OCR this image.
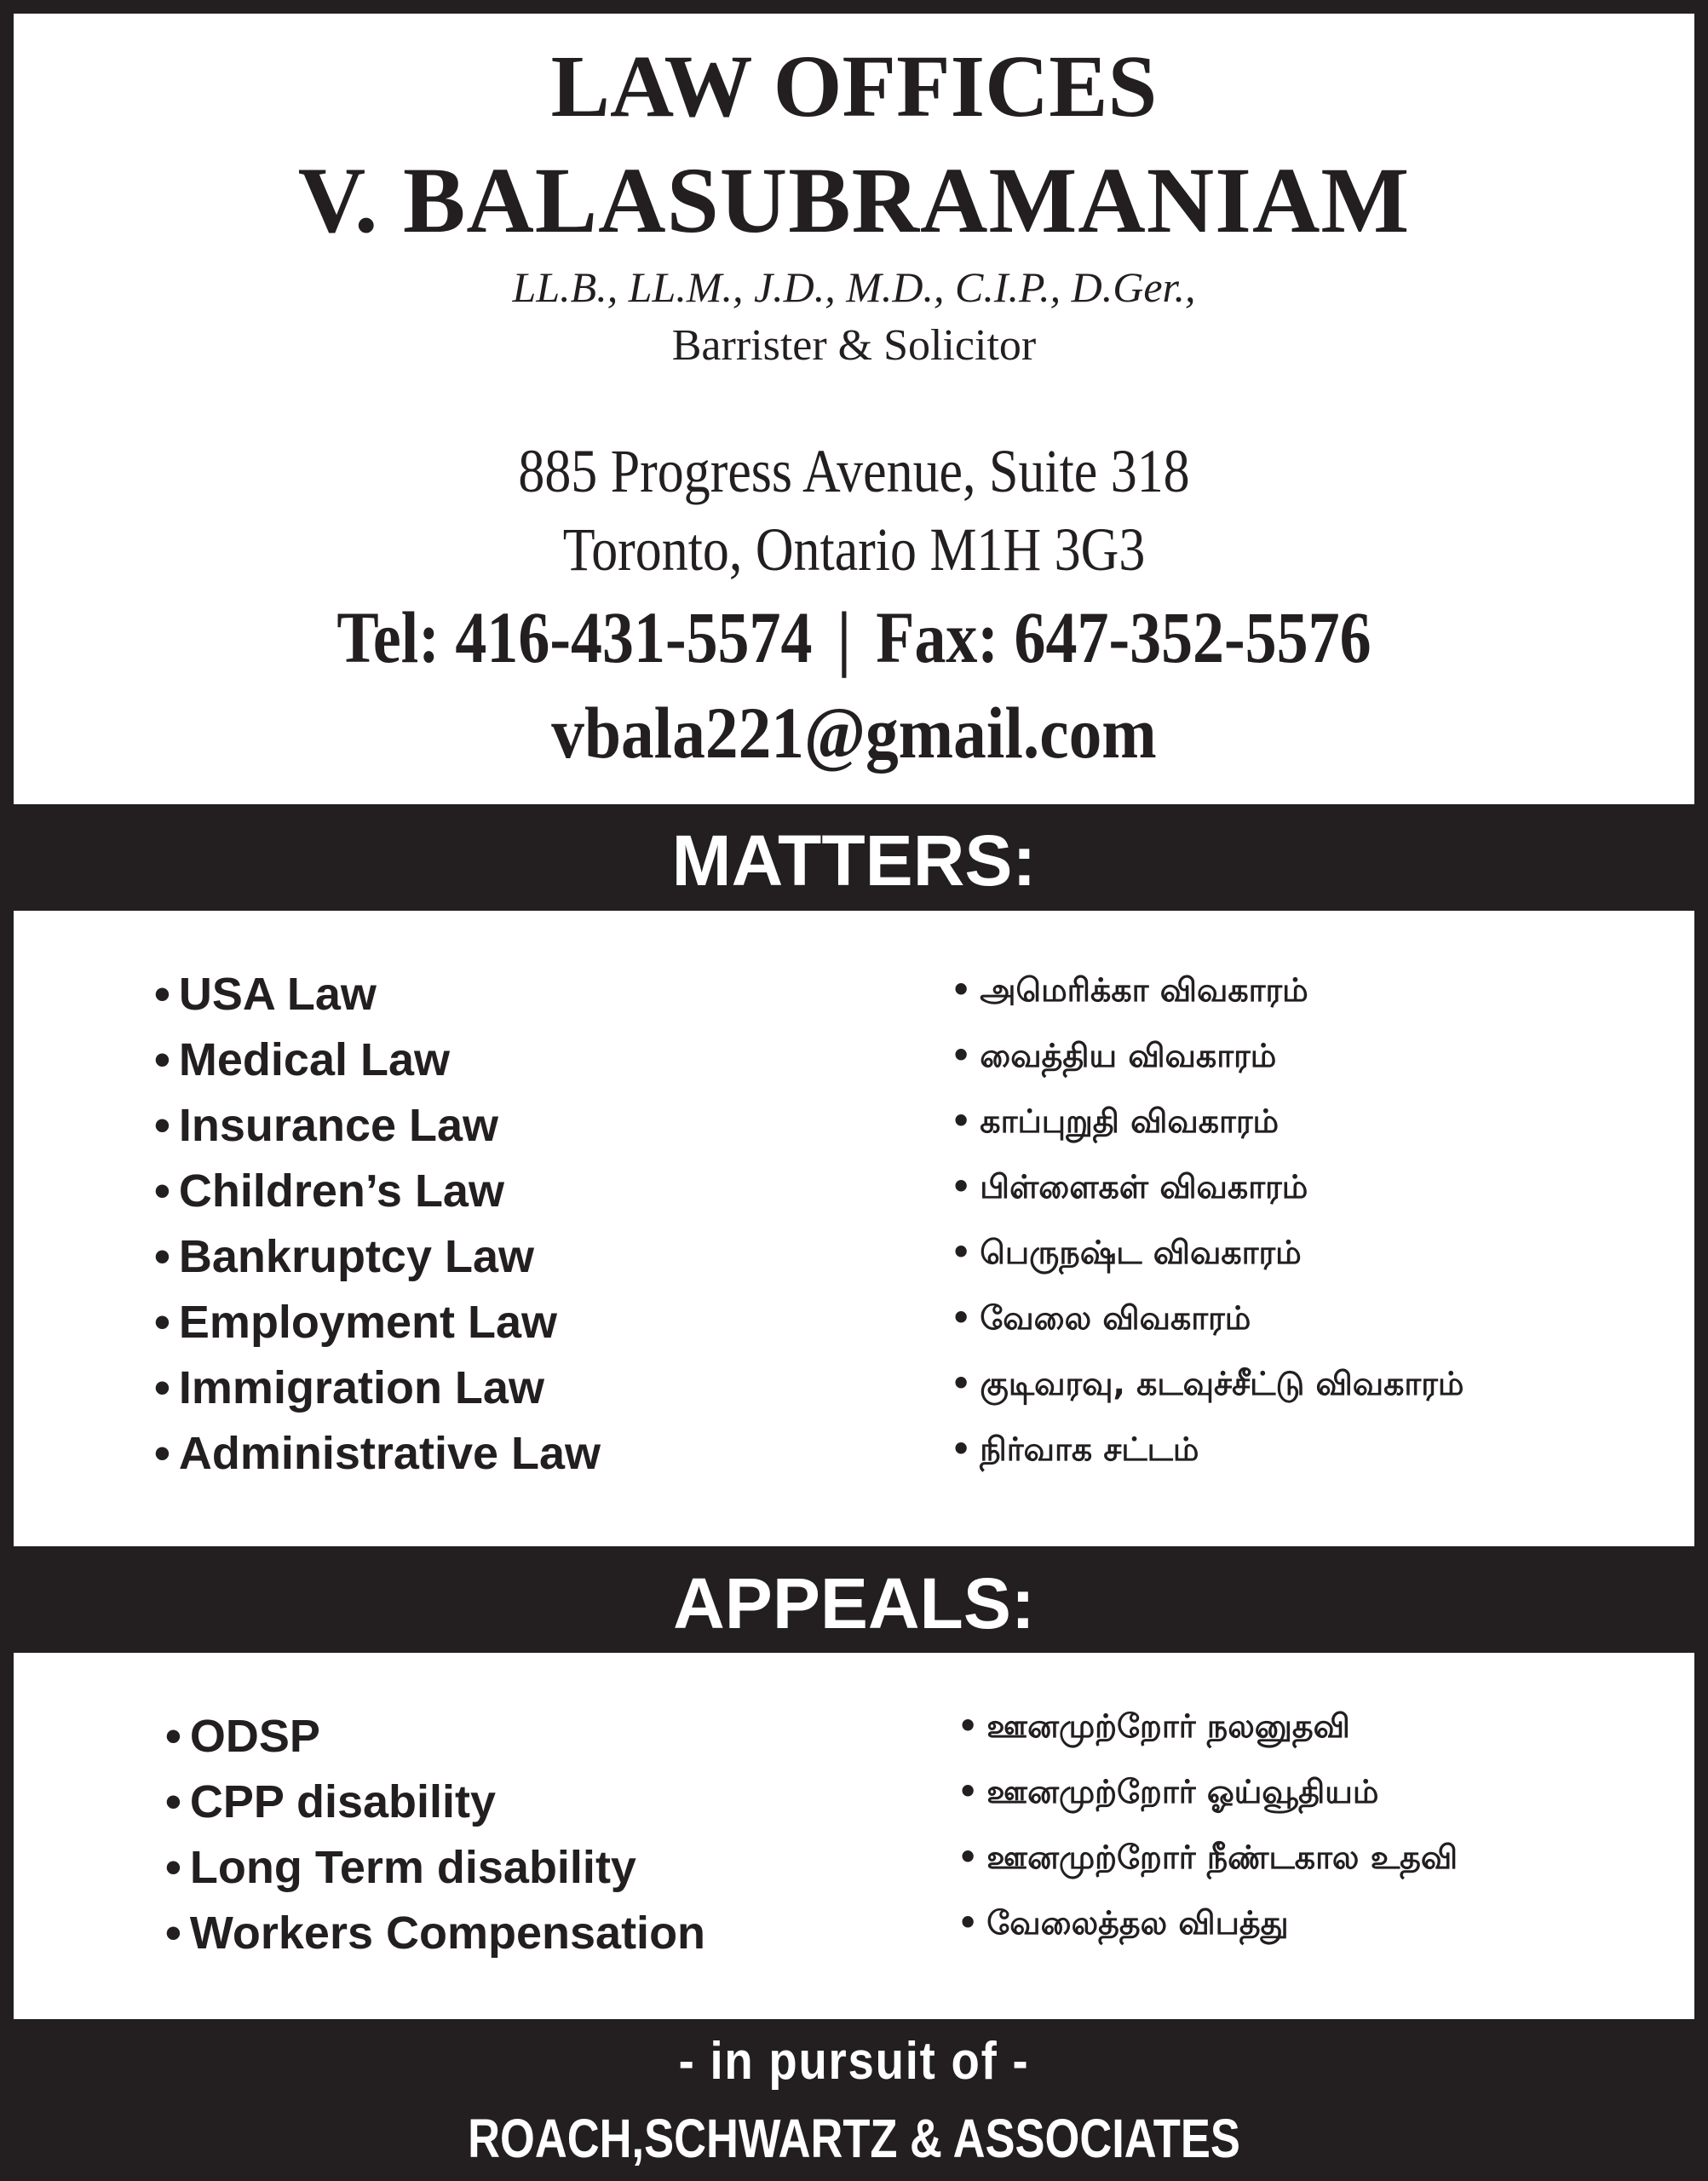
LAW OFFICES
V. BALASUBRAMANIAM
LL.B., LL.M., J.D., M.D., C.I.P., D.Ger.,
Barrister & Solicitor
885 Progress Avenue, Suite 318
Toronto, Ontario M1H 3G3
Tel: 416-431-5574 | Fax: 647-352-5576
vbala221@gmail.com
MATTERS:
• USA Law
• Medical Law
• Insurance Law
• Children’s Law
• Bankruptcy Law
• Employment Law
• Immigration Law
• Administrative Law
• அமெரிக்கா விவகாரம்
• வைத்திய விவகாரம்
• காப்புறுதி விவகாரம்
• பிள்ளைகள் விவகாரம்
• பெருநஷ்ட விவகாரம்
• வேலை விவகாரம்
• குடிவரவு, கடவுச்சீட்டு விவகாரம்
• நிர்வாக சட்டம்
APPEALS:
• ODSP
• CPP disability
• Long Term disability
• Workers Compensation
• ஊனமுற்றோர் நலனுதவி
• ஊனமுற்றோர் ஓய்வூதியம்
• ஊனமுற்றோர் நீண்டகால உதவி
• வேலைத்தல விபத்து
- in pursuit of -
ROACH,SCHWARTZ & ASSOCIATES
